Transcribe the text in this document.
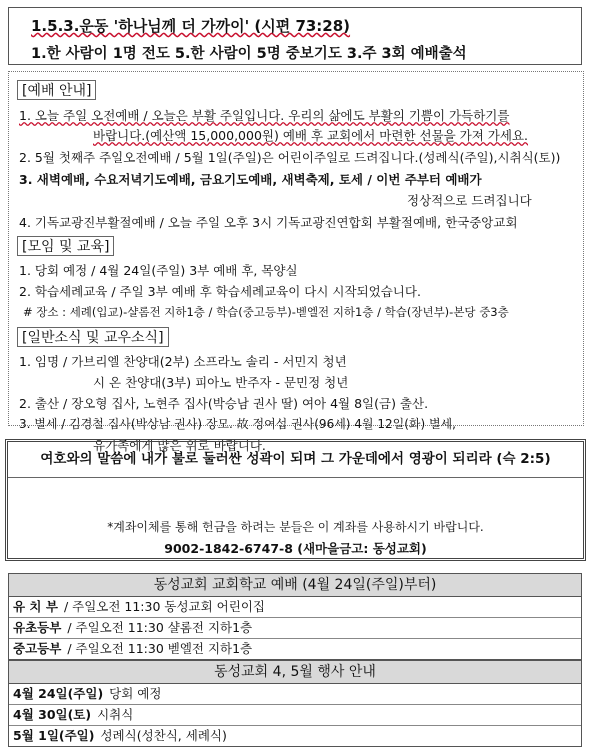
1.5.3.운동 '하나님께 더 가까이' (시편 73:28)
1.한 사람이 1명 전도 5.한 사람이 5명 중보기도 3.주 3회 예배출석
[예배 안내]
1. 오늘 주일 오전예배 / 오늘은 부활 주일입니다. 우리의 삶에도 부활의 기쁨이 가득하기를
바랍니다.(예산액 15,000,000원) 예배 후 교회에서 마련한 선물을 가져 가세요.
2. 5월 첫째주 주일오전예배 / 5월 1일(주일)은 어린이주일로 드려집니다.(성례식(주일),시취식(토))
3. 새벽예배, 수요저녁기도예배, 금요기도예배, 새벽축제, 토세 / 이번 주부터 예배가
정상적으로 드려집니다
4. 기독교광진부활절예배 / 오늘 주일 오후 3시 기독교광진연합회 부활절예배, 한국중앙교회
[모임 및 교육]
1. 당회 예정 / 4월 24일(주일) 3부 예배 후, 목양실
2. 학습세례교육 / 주일 3부 예배 후 학습세례교육이 다시 시작되었습니다.
# 장소 : 세례(입교)-샬롬전 지하1층 / 학습(중고등부)-벧엘전 지하1층 / 학습(장년부)-본당 중3층
[일반소식 및 교우소식]
1. 임명 / 가브리엘 찬양대(2부) 소프라노 솔리 - 서민지 청년
시 온 찬양대(3부) 피아노 반주자 - 문민정 청년
2. 출산 / 장오형 집사, 노현주 집사(박승남 권사 딸) 여아 4월 8일(금) 출산.
3. 별세 / 김경철 집사(박상남 권사) 장모. 故 정여섭 권사(96세) 4월 12일(화) 별세,
유가족에게 많은 위로 바랍니다.
여호와의 말씀에 내가 불로 둘러싼 성곽이 되며 그 가운데에서 영광이 되리라 (슥 2:5)
*계좌이체를 통해 헌금을 하려는 분들은 이 계좌를 사용하시기 바랍니다.
9002-1842-6747-8 (새마을금고: 동성교회)
동성교회 교회학교 예배 (4월 24일(주일)부터)
유 치 부 / 주일오전 11:30 동성교회 어린이집
유초등부 / 주일오전 11:30 샬롬전 지하1층
중고등부 / 주일오전 11:30 벧엘전 지하1층
동성교회 4, 5월 행사 안내
4월 24일(주일) 당회 예정
4월 30일(토) 시취식
5월 1일(주일) 성례식(성찬식, 세례식)
